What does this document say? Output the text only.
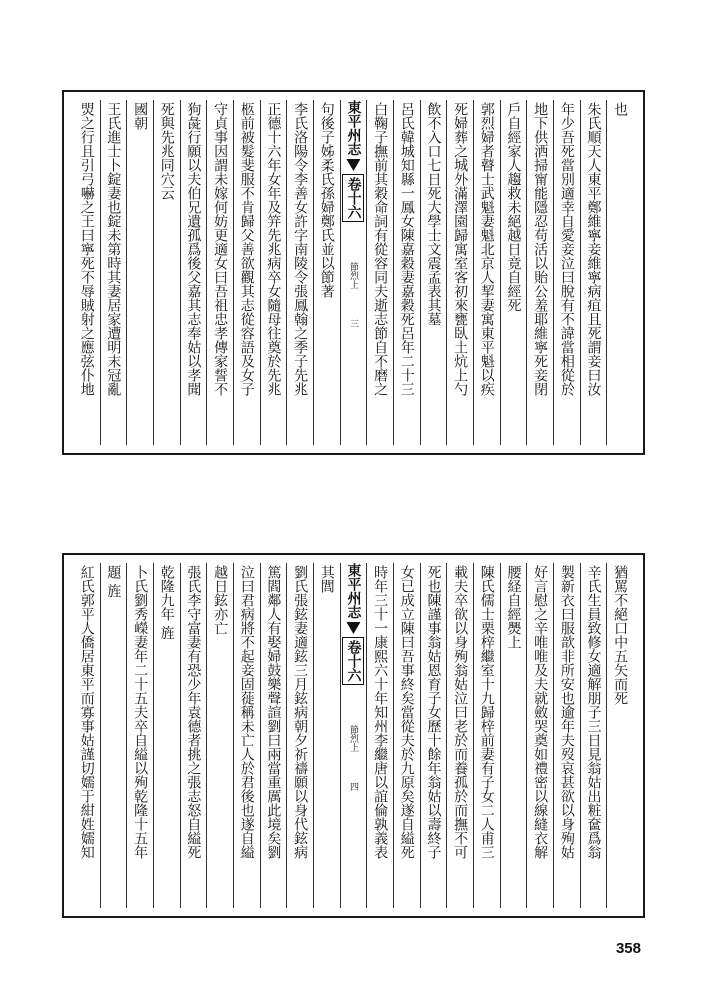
也
朱氏順天人東平鄭維寧妾維寧病疽且死謂妾曰汝
年少吾死當別適幸自愛妾泣曰脫有不諱當相從於
地下供洒掃甯能隱忍苟活以貽公羞耶維寧死妾閉
戶自經家人趨救未絕越日竟自經死
郭烈婦者瞽士武魁妻魁北京人挈妻寓東平魁以疾
死婦葬之城外滿澤園歸寓室客初來甕臥土炕上勺
飲不入口七日死大學士文震孟表其墓
呂氏韓城知縣一鳳女陳嘉穀妻嘉穀死呂年二十三
白鞠子撫前其穀命詞有從容同夫逝志節自不磨之
東平州志
卷十六
節烈上
三
句後子姊柔氏孫婦鄭氏並以節著
李氏洛陽令李善女許字南陵令張鳳翰之季子先兆
正德十六年女年及笄先兆病卒女隨母往奠於先兆
柩前被髮斐服不肯歸父善欲觀其志從容語及女子
守貞事因謂未嫁何妨更適女曰吾祖忠孝傳家誓不
狗彘行願以夫伯兄遺孤爲後父嘉其志奉姑以孝聞
死與先兆同穴云
國朝
王氏進士卜錠妻也錠未第時其妻居家遭明末冠亂
焽之行且引弓嚇之王曰寧死不辱賊射之應弦仆地
猶罵不絕口中五矢而死
辛氏生員致修女適解朋子三日見翁姑出粧奩爲翁
製新衣曰服歆非所安也逾年夫歿哀甚欲以身殉姑
好言慰之辛唯唯及夫就斂哭奠如禮密以線縫衣解
腰経自經爂上
陳氏儒士栗梓繼室十九歸梓前妻有子女二人甫三
載夫卒欲以身殉翁姑泣曰老於而養孤於而撫不可
死也陳謹事翁姑恩育子女歷十餘年翁姑以壽終子
女已成立陳曰吾事終矣當從夫於九原矣遂自縊死
時年三十一康熙六十年知州李繼唐以誼倫孰義表
東平州志
卷十六
節烈上
四
其閭
劉氏張鉉妻適鉉三月鉉病朝夕祈禱願以身代鉉病
篤閻鄰人有娶婦鼓樂聲諠劉曰兩當重厲此境矣劉
泣曰君病將不起妾固蓰稱未亡人於君後也遂自縊
越日鉉亦亡
張氏李守富妻有恐少年袁德者挑之張志怒自縊死
乾隆九年 旌
卜氏劉秀嶸妻年二十五夫卒自縊以殉乾隆十五年
題 旌
紅氏郭平人僑居東平而寡事姑謹切嬬于紺姓嬬知
358
